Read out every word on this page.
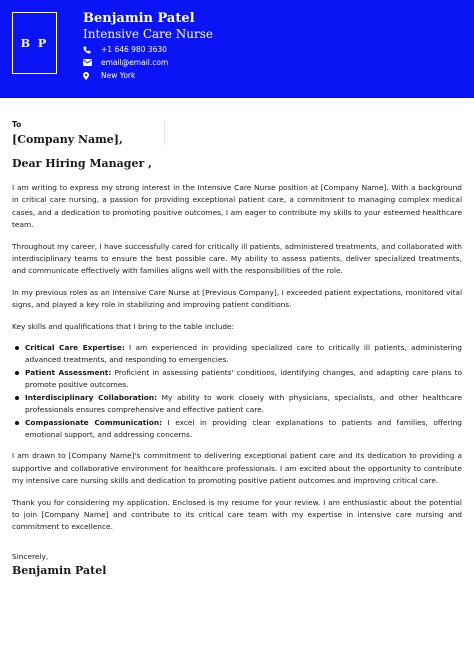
B P
Benjamin Patel
Intensive Care Nurse
+1 646 980 3630
email@email.com
New York
To
[Company Name],
Dear Hiring Manager ,

I am writing to express my strong interest in the Intensive Care Nurse position at [Company Name]. With a background in critical care nursing, a passion for providing exceptional patient care, a commitment to managing complex medical cases, and a dedication to promoting positive outcomes, I am eager to contribute my skills to your esteemed healthcare team.

Throughout my career, I have successfully cared for critically ill patients, administered treatments, and collaborated with interdisciplinary teams to ensure the best possible care. My ability to assess patients, deliver specialized treatments, and communicate effectively with families aligns well with the responsibilities of the role.

In my previous roles as an Intensive Care Nurse at [Previous Company], I exceeded patient expectations, monitored vital signs, and played a key role in stabilizing and improving patient conditions.

Key skills and qualifications that I bring to the table include:

Critical Care Expertise: I am experienced in providing specialized care to critically ill patients, administering advanced treatments, and responding to emergencies.
Patient Assessment: Proficient in assessing patients' conditions, identifying changes, and adapting care plans to promote positive outcomes.
Interdisciplinary Collaboration: My ability to work closely with physicians, specialists, and other healthcare professionals ensures comprehensive and effective patient care.
Compassionate Communication: I excel in providing clear explanations to patients and families, offering emotional support, and addressing concerns.

I am drawn to [Company Name]'s commitment to delivering exceptional patient care and its dedication to providing a supportive and collaborative environment for healthcare professionals. I am excited about the opportunity to contribute my intensive care nursing skills and dedication to promoting positive patient outcomes and improving critical care.

Thank you for considering my application. Enclosed is my resume for your review. I am enthusiastic about the potential to join [Company Name] and contribute to its critical care team with my expertise in intensive care nursing and commitment to excellence.

Sincerely,
Benjamin Patel
